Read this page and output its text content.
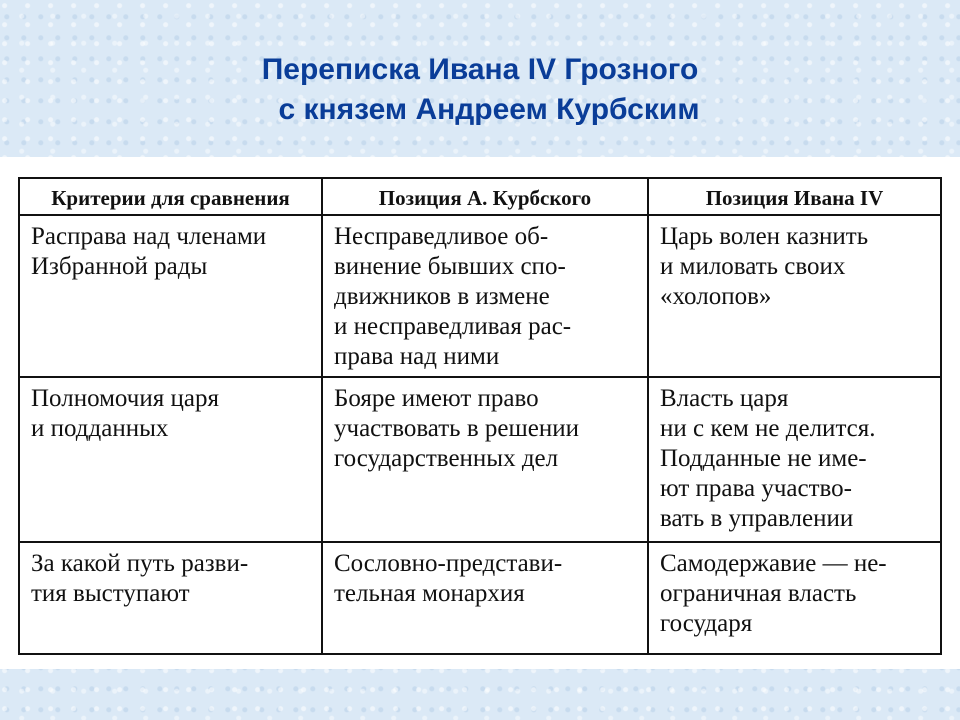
Переписка Ивана IV Грозного
с князем Андреем Курбским
Критерии для сравнения	Позиция А. Курбского	Позиция Ивана IV
Расправа над членами
Избранной рады
Несправедливое об-
винение бывших спо-
движников в измене
и несправедливая рас-
права над ними
Царь волен казнить
и миловать своих
«холопов»
Полномочия царя
и подданных
Бояре имеют право
участвовать в решении
государственных дел
Власть царя
ни с кем не делится.
Подданные не име-
ют права участво-
вать в управлении
За какой путь разви-
тия выступают
Сословно-представи-
тельная монархия
Самодержавие — не-
ограничная власть
государя
